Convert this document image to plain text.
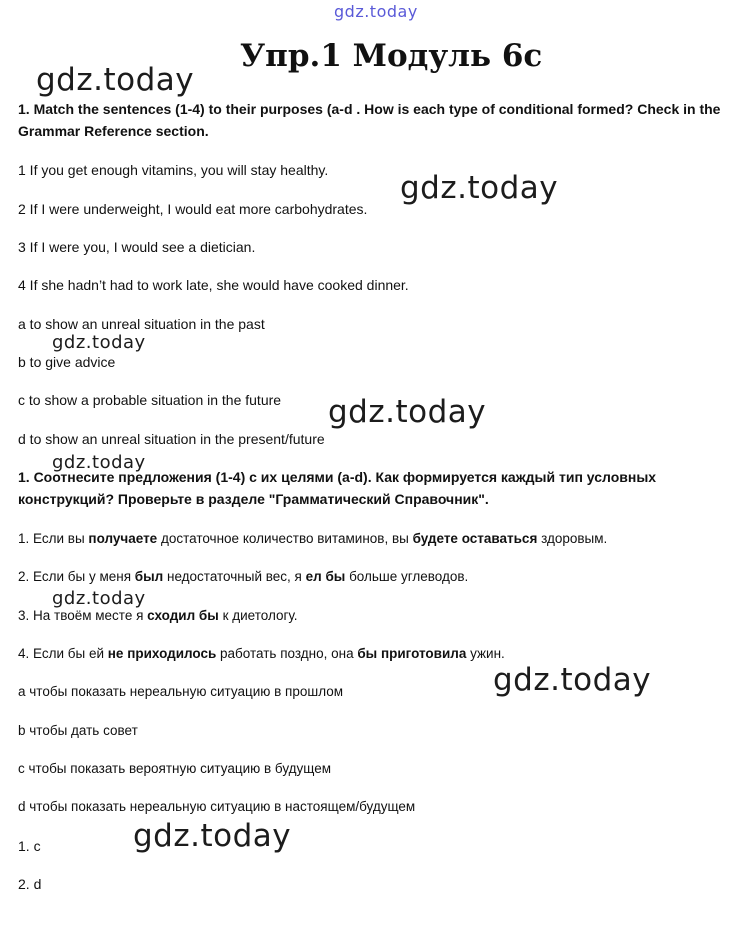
gdz.today
Упр.1 Модуль 6с
gdz.today
gdz.today
gdz.today
gdz.today
gdz.today
gdz.today
gdz.today
gdz.today
1. Match the sentences (1-4) to their purposes (a-d . How is each type of conditional formed? Check in the Grammar Reference section.
1 If you get enough vitamins, you will stay healthy.
2 If I were underweight, I would eat more carbohydrates.
3 If I were you, I would see a dietician.
4 If she hadn’t had to work late, she would have cooked dinner.
a to show an unreal situation in the past
b to give advice
c to show a probable situation in the future
d to show an unreal situation in the present/future
1. Соотнесите предложения (1-4) с их целями (a-d). Как формируется каждый тип условных конструкций? Проверьте в разделе "Грамматический Справочник".
1. Если вы получаете достаточное количество витаминов, вы будете оставаться здоровым.
2. Если бы у меня был недостаточный вес, я ел бы больше углеводов.
3. На твоём месте я сходил бы к диетологу.
4. Если бы ей не приходилось работать поздно, она бы приготовила ужин.
a чтобы показать нереальную ситуацию в прошлом
b чтобы дать совет
c чтобы показать вероятную ситуацию в будущем
d чтобы показать нереальную ситуацию в настоящем/будущем
1. c
2. d
